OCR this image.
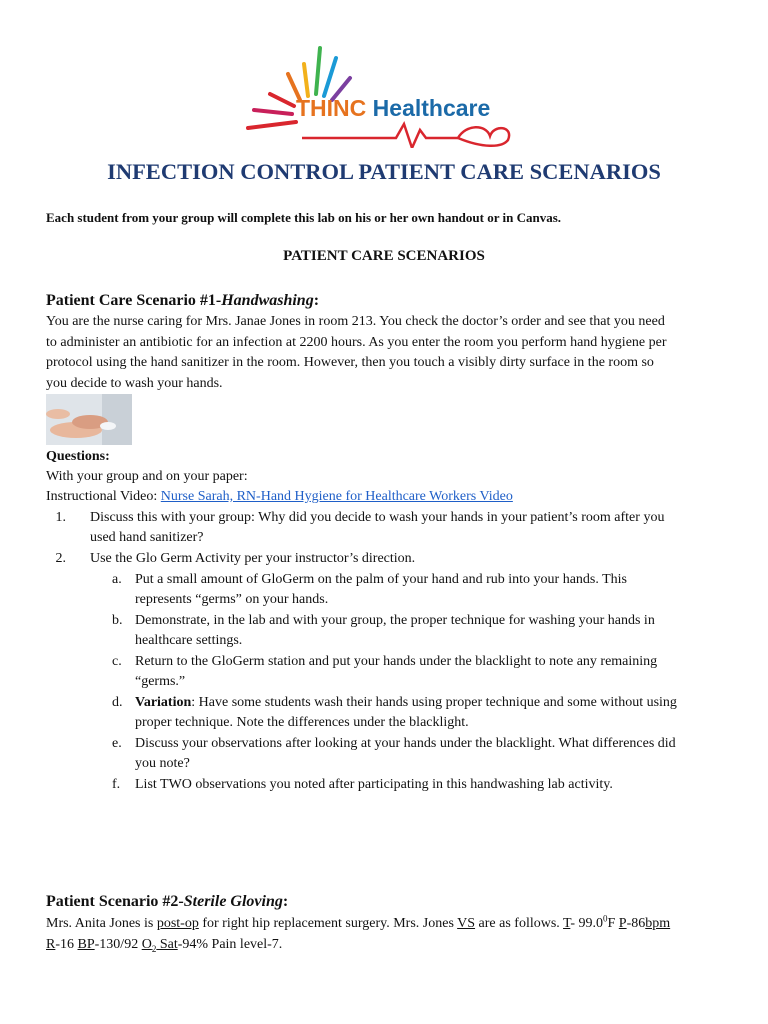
THINC Healthcare
INFECTION CONTROL PATIENT CARE SCENARIOS
Each student from your group will complete this lab on his or her own handout or in Canvas.
PATIENT CARE SCENARIOS
Patient Care Scenario #1-Handwashing:
You are the nurse caring for Mrs. Janae Jones in room 213. You check the doctor’s order and see that you need
to administer an antibiotic for an infection at 2200 hours. As you enter the room you perform hand hygiene per
protocol using the hand sanitizer in the room. However, then you touch a visibly dirty surface in the room so
you decide to wash your hands.
Questions:
With your group and on your paper:
Instructional Video: Nurse Sarah, RN-Hand Hygiene for Healthcare Workers Video
1. Discuss this with your group: Why did you decide to wash your hands in your patient’s room after you
used hand sanitizer?
2. Use the Glo Germ Activity per your instructor’s direction.
a. Put a small amount of GloGerm on the palm of your hand and rub into your hands. This
represents “germs” on your hands.
b. Demonstrate, in the lab and with your group, the proper technique for washing your hands in
healthcare settings.
c. Return to the GloGerm station and put your hands under the blacklight to note any remaining
“germs.”
d. Variation: Have some students wash their hands using proper technique and some without using
proper technique. Note the differences under the blacklight.
e. Discuss your observations after looking at your hands under the blacklight. What differences did
you note?
f. List TWO observations you noted after participating in this handwashing lab activity.
Patient Scenario #2-Sterile Gloving:
Mrs. Anita Jones is post-op for right hip replacement surgery. Mrs. Jones VS are as follows. T- 99.0$^0$F P-86bpm
R-16 BP-130/92 $O_2$ Sat-94% Pain level-7.
